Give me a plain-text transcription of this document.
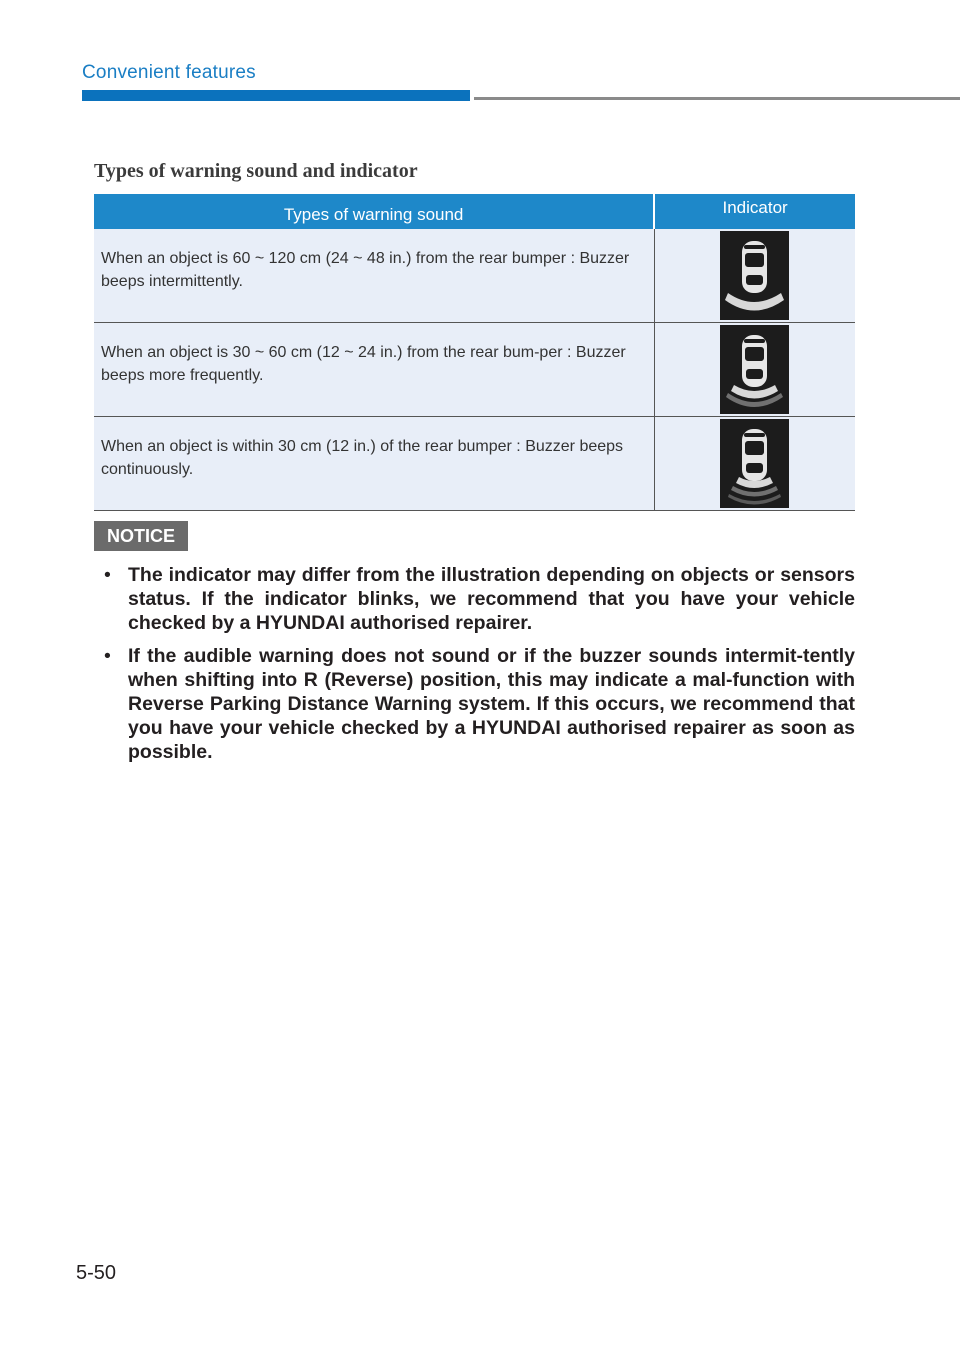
Convenient features
Types of warning sound and indicator
Types of warning sound	Indicator
When an object is 60 ~ 120 cm (24 ~ 48 in.) from the rear bumper : Buzzer beeps intermittently.	

When an object is 30 ~ 60 cm (12 ~ 24 in.) from the rear bum-per : Buzzer beeps more frequently.	

When an object is within 30 cm (12 in.) of the rear bumper : Buzzer beeps continuously.	
NOTICE
• The indicator may differ from the illustration depending on objects or sensors status. If the indicator blinks, we recommend that you have your vehicle checked by a HYUNDAI authorised repairer.
• If the audible warning does not sound or if the buzzer sounds intermit-tently when shifting into R (Reverse) position, this may indicate a mal-function with Reverse Parking Distance Warning system. If this occurs, we recommend that you have your vehicle checked by a HYUNDAI authorised repairer as soon as possible.
5-50
